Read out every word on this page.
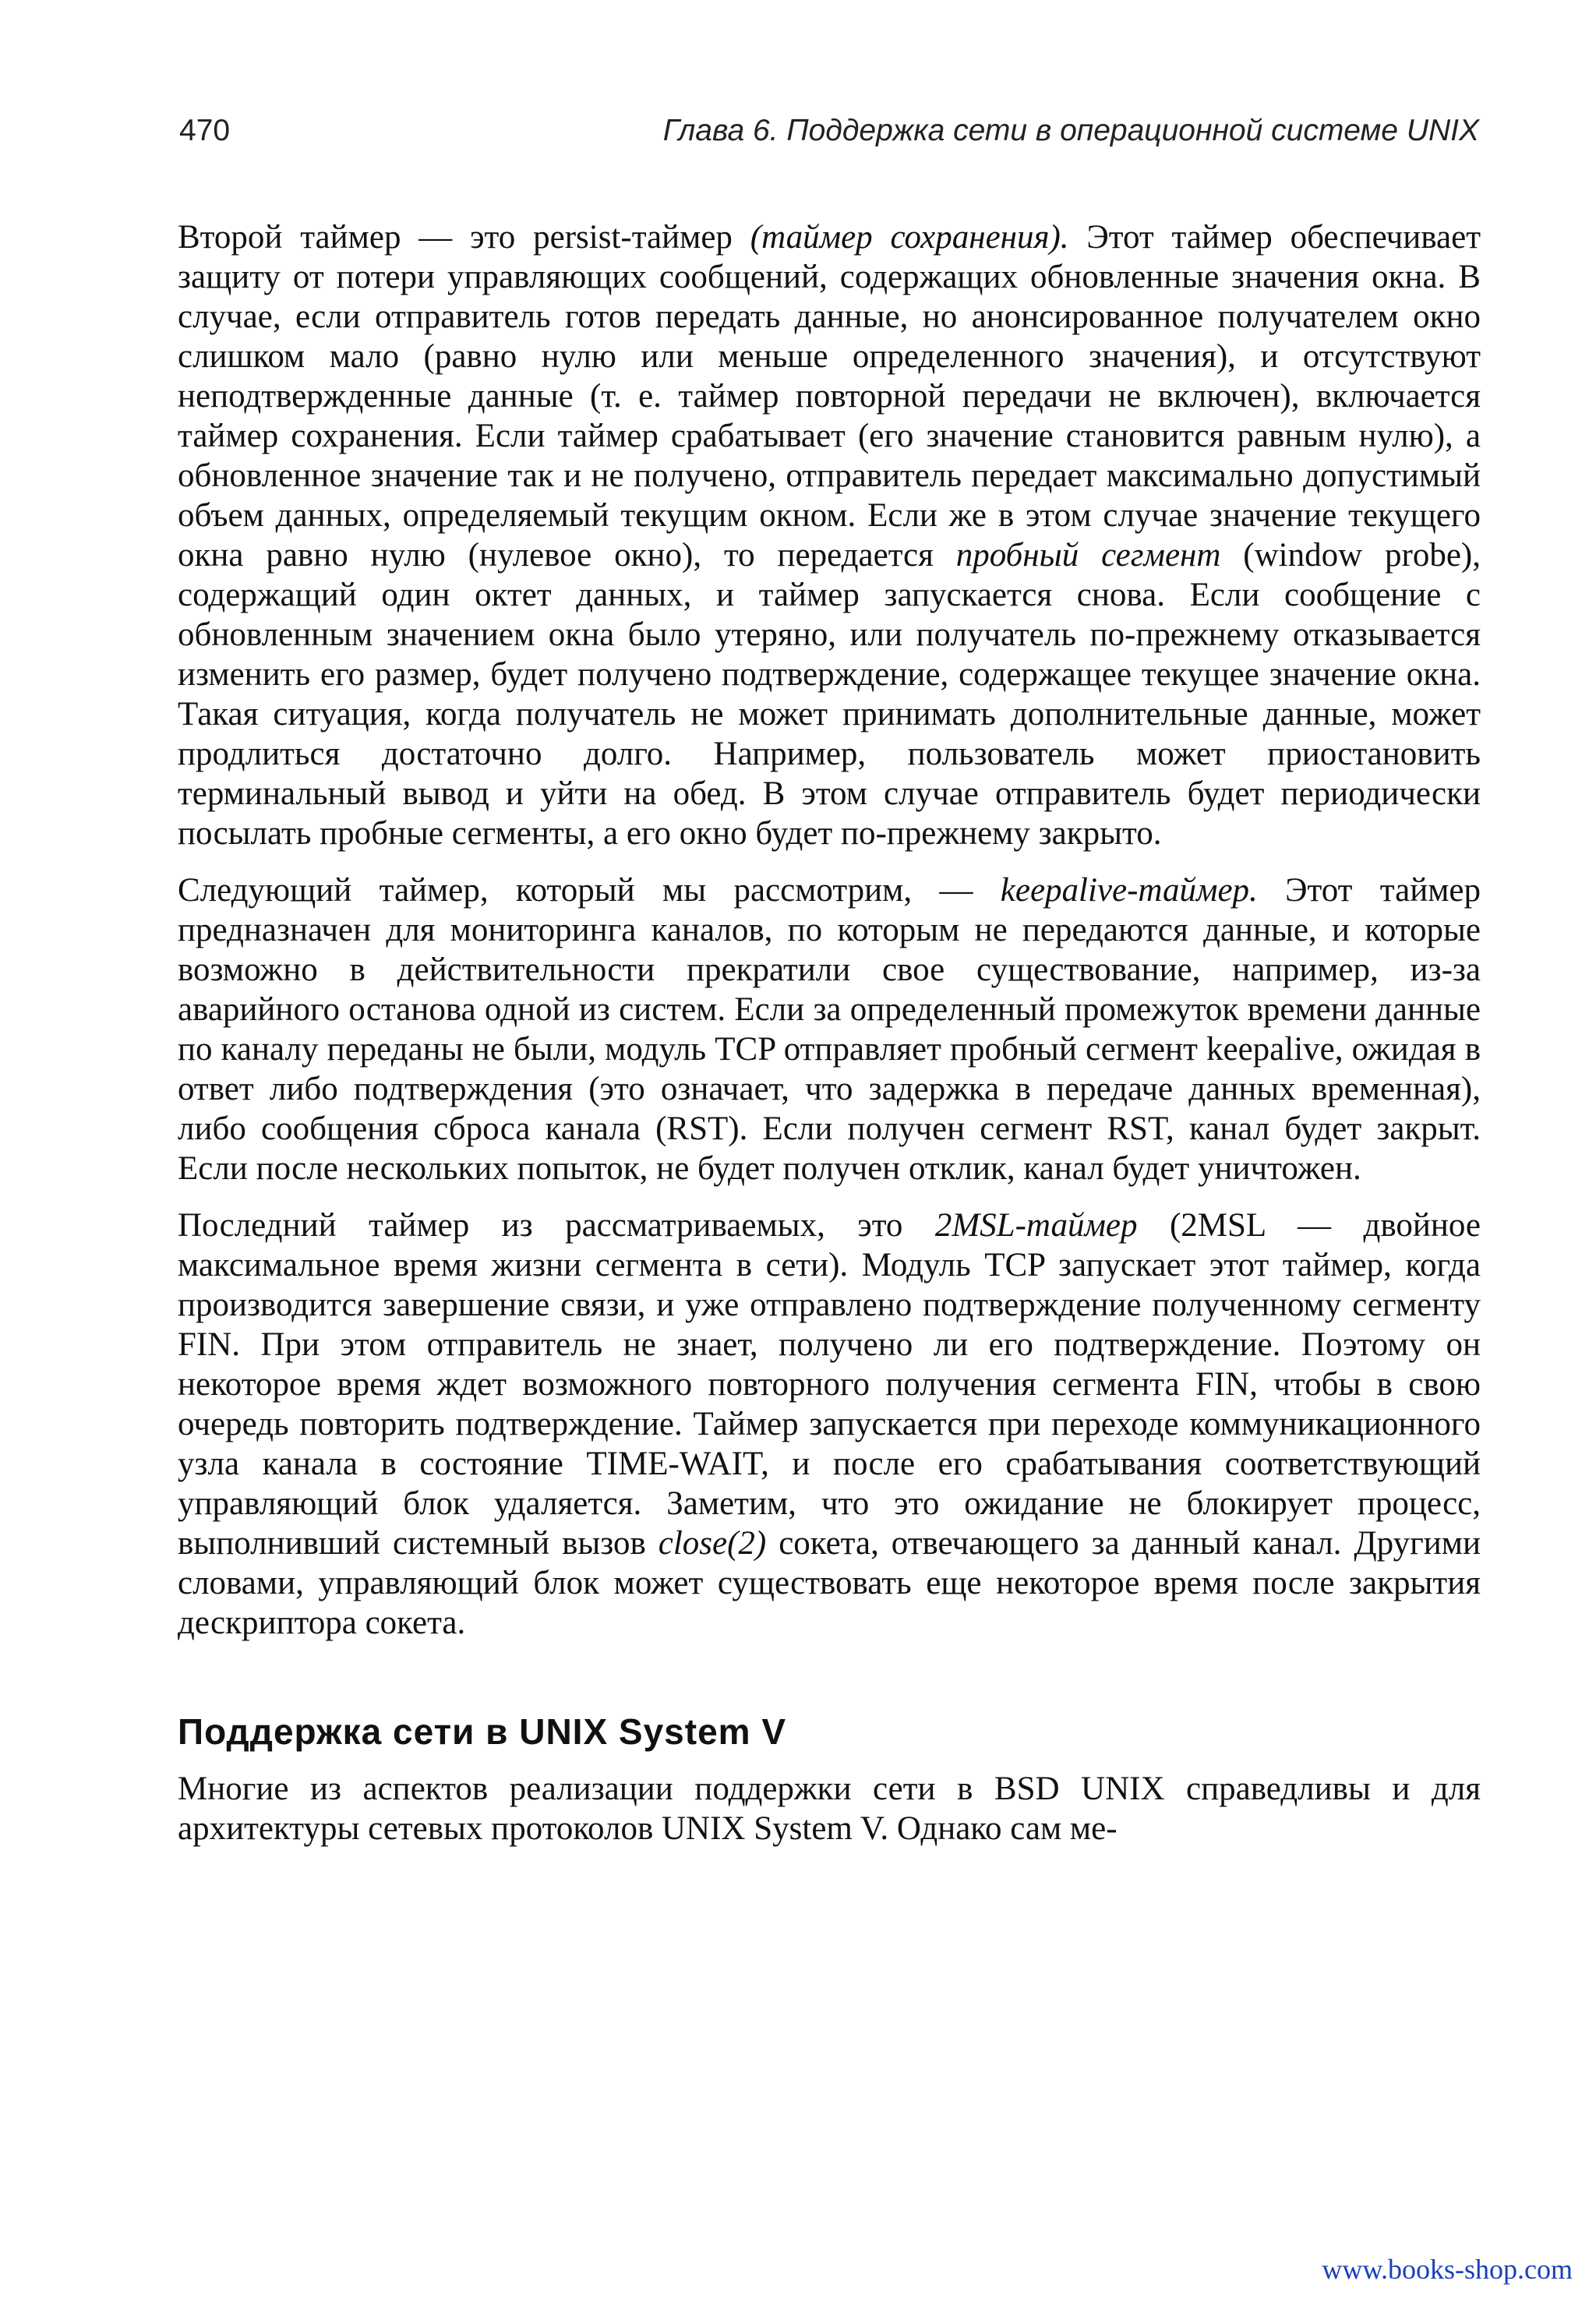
470	Глава 6. Поддержка сети в операционной системе UNIX

Второй таймер — это persist-таймер (таймер сохранения). Этот таймер обеспечивает защиту от потери управляющих сообщений, содержащих обновленные значения окна. В случае, если отправитель готов передать данные, но анонсированное получателем окно слишком мало (равно нулю или меньше определенного значения), и отсутствуют неподтвержденные данные (т. е. таймер повторной передачи не включен), включается таймер сохранения. Если таймер срабатывает (его значение становится равным нулю), а обновленное значение так и не получено, отправитель передает максимально допустимый объем данных, определяемый текущим окном. Если же в этом случае значение текущего окна равно нулю (нулевое окно), то передается пробный сегмент (window probe), содержащий один октет данных, и таймер запускается снова. Если сообщение с обновленным значением окна было утеряно, или получатель по-прежнему отказывается изменить его размер, будет получено подтверждение, содержащее текущее значение окна. Такая ситуация, когда получатель не может принимать дополнительные данные, может продлиться достаточно долго. Например, пользователь может приостановить терминальный вывод и уйти на обед. В этом случае отправитель будет периодически посылать пробные сегменты, а его окно будет по-прежнему закрыто.

Следующий таймер, который мы рассмотрим, — keepalive-таймер. Этот таймер предназначен для мониторинга каналов, по которым не передаются данные, и которые возможно в действительности прекратили свое существование, например, из-за аварийного останова одной из систем. Если за определенный промежуток времени данные по каналу переданы не были, модуль TCP отправляет пробный сегмент keepalive, ожидая в ответ либо подтверждения (это означает, что задержка в передаче данных временная), либо сообщения сброса канала (RST). Если получен сегмент RST, канал будет закрыт. Если после нескольких попыток, не будет получен отклик, канал будет уничтожен.

Последний таймер из рассматриваемых, это 2MSL-таймер (2MSL — двойное максимальное время жизни сегмента в сети). Модуль TCP запускает этот таймер, когда производится завершение связи, и уже отправлено подтверждение полученному сегменту FIN. При этом отправитель не знает, получено ли его подтверждение. Поэтому он некоторое время ждет возможного повторного получения сегмента FIN, чтобы в свою очередь повторить подтверждение. Таймер запускается при переходе коммуникационного узла канала в состояние TIME-WAIT, и после его срабатывания соответствующий управляющий блок удаляется. Заметим, что это ожидание не блокирует процесс, выполнивший системный вызов close(2) сокета, отвечающего за данный канал. Другими словами, управляющий блок может существовать еще некоторое время после закрытия дескриптора сокета.

Поддержка сети в UNIX System V

Многие из аспектов реализации поддержки сети в BSD UNIX справедливы и для архитектуры сетевых протоколов UNIX System V. Однако сам ме-

www.books-shop.com
